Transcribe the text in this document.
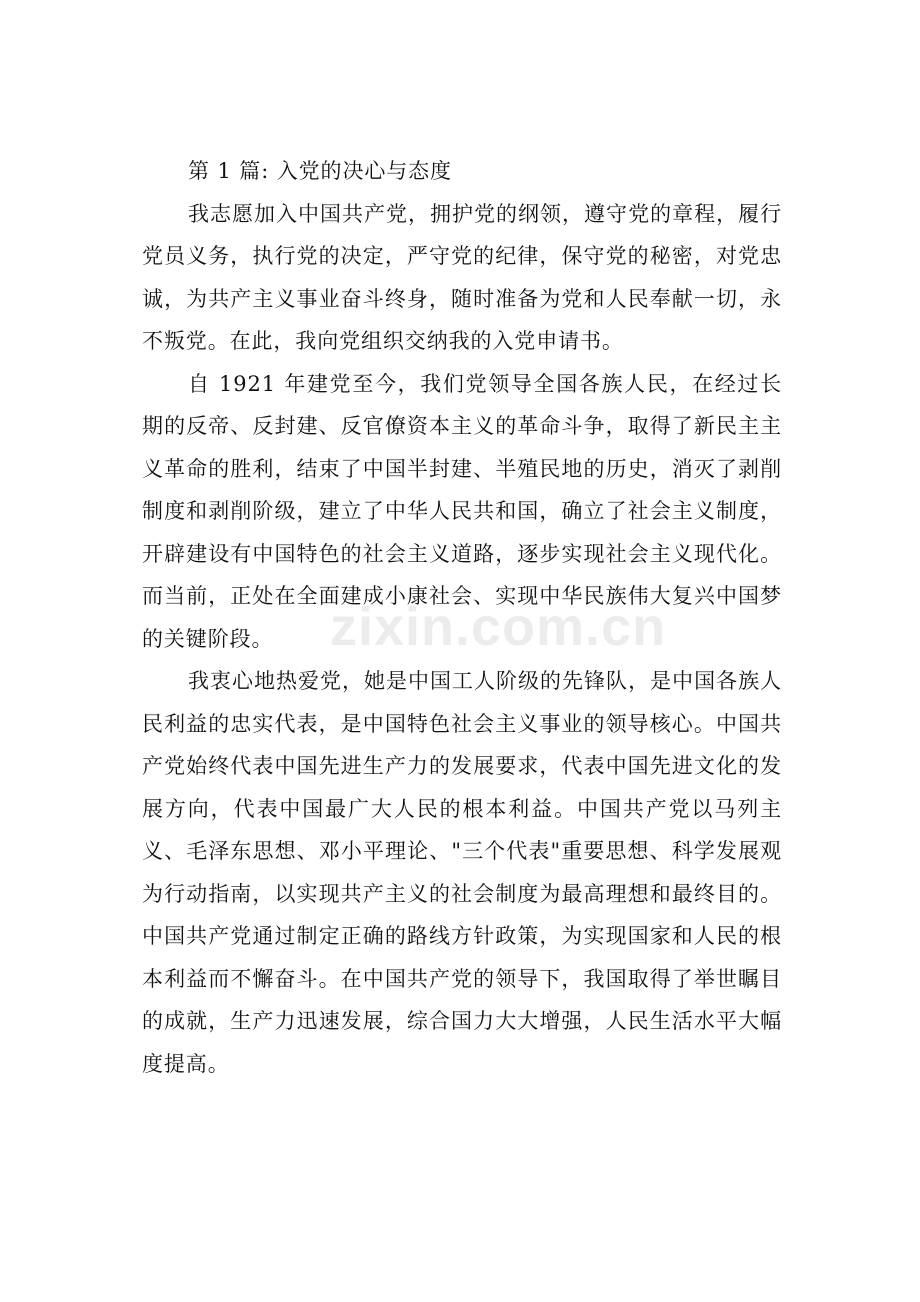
第 1 篇: 入党的决心与态度

我志愿加入中国共产党，拥护党的纲领，遵守党的章程，履行党员义务，执行党的决定，严守党的纪律，保守党的秘密，对党忠诚，为共产主义事业奋斗终身，随时准备为党和人民奉献一切，永不叛党。在此，我向党组织交纳我的入党申请书。

自 1921 年建党至今，我们党领导全国各族人民，在经过长期的反帝、反封建、反官僚资本主义的革命斗争，取得了新民主主义革命的胜利，结束了中国半封建、半殖民地的历史，消灭了剥削制度和剥削阶级，建立了中华人民共和国，确立了社会主义制度，开辟建设有中国特色的社会主义道路，逐步实现社会主义现代化。而当前，正处在全面建成小康社会、实现中华民族伟大复兴中国梦的关键阶段。

我衷心地热爱党，她是中国工人阶级的先锋队，是中国各族人民利益的忠实代表，是中国特色社会主义事业的领导核心。中国共产党始终代表中国先进生产力的发展要求，代表中国先进文化的发展方向，代表中国最广大人民的根本利益。中国共产党以马列主义、毛泽东思想、邓小平理论、"三个代表"重要思想、科学发展观为行动指南，以实现共产主义的社会制度为最高理想和最终目的。中国共产党通过制定正确的路线方针政策，为实现国家和人民的根本利益而不懈奋斗。在中国共产党的领导下，我国取得了举世瞩目的成就，生产力迅速发展，综合国力大大增强，人民生活水平大幅度提高。

zixin.com.cn
